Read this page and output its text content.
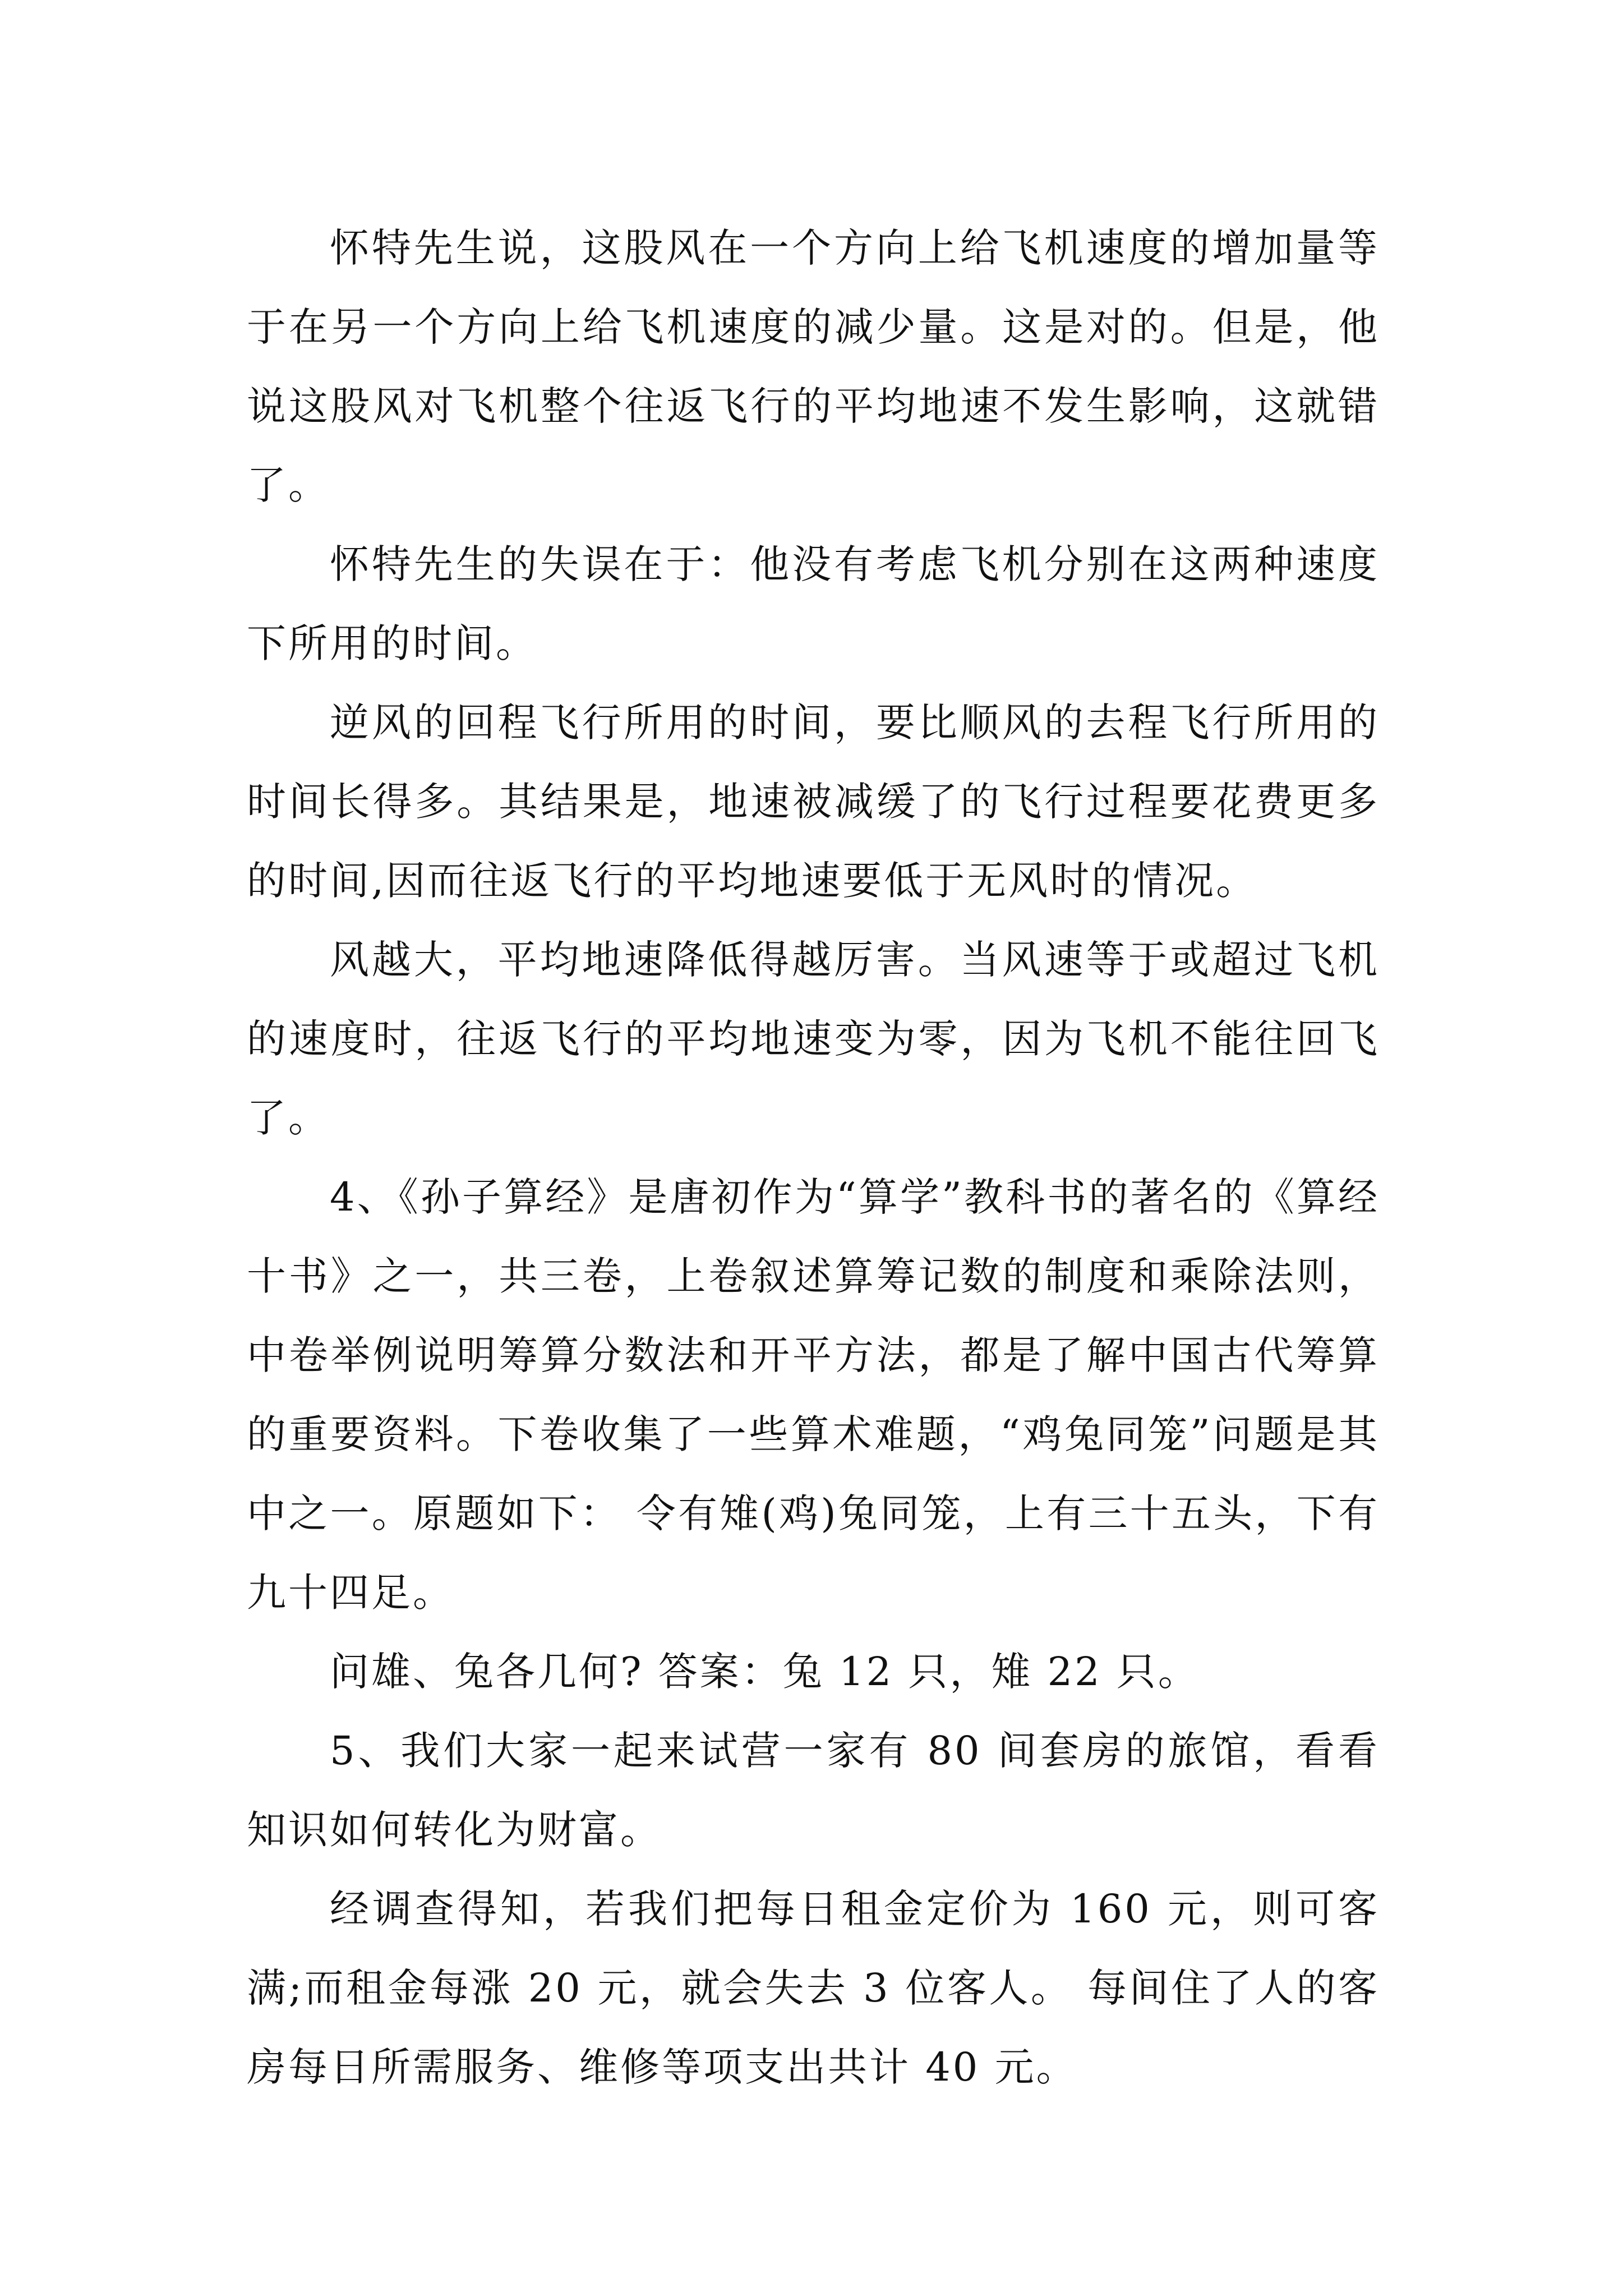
怀特先生说，这股风在一个方向上给飞机速度的增加量等于在另一个方向上给飞机速度的减少量。这是对的。但是，他说这股风对飞机整个往返飞行的平均地速不发生影响，这就错了。

怀特先生的失误在于：他没有考虑飞机分别在这两种速度下所用的时间。

逆风的回程飞行所用的时间，要比顺风的去程飞行所用的时间长得多。其结果是，地速被减缓了的飞行过程要花费更多的时间,因而往返飞行的平均地速要低于无风时的情况。

风越大，平均地速降低得越厉害。当风速等于或超过飞机的速度时，往返飞行的平均地速变为零，因为飞机不能往回飞了。

4、《孙子算经》是唐初作为“算学”教科书的著名的《算经十书》之一，共三卷，上卷叙述算筹记数的制度和乘除法则，中卷举例说明筹算分数法和开平方法，都是了解中国古代筹算的重要资料。下卷收集了一些算术难题，“鸡兔同笼”问题是其中之一。原题如下： 令有雉(鸡)兔同笼，上有三十五头，下有九十四足。

问雄、兔各几何? 答案：兔 12 只，雉 22 只。

5、我们大家一起来试营一家有 80 间套房的旅馆，看看知识如何转化为财富。

经调查得知，若我们把每日租金定价为 160 元，则可客满;而租金每涨 20 元，就会失去 3 位客人。 每间住了人的客房每日所需服务、维修等项支出共计 40 元。
